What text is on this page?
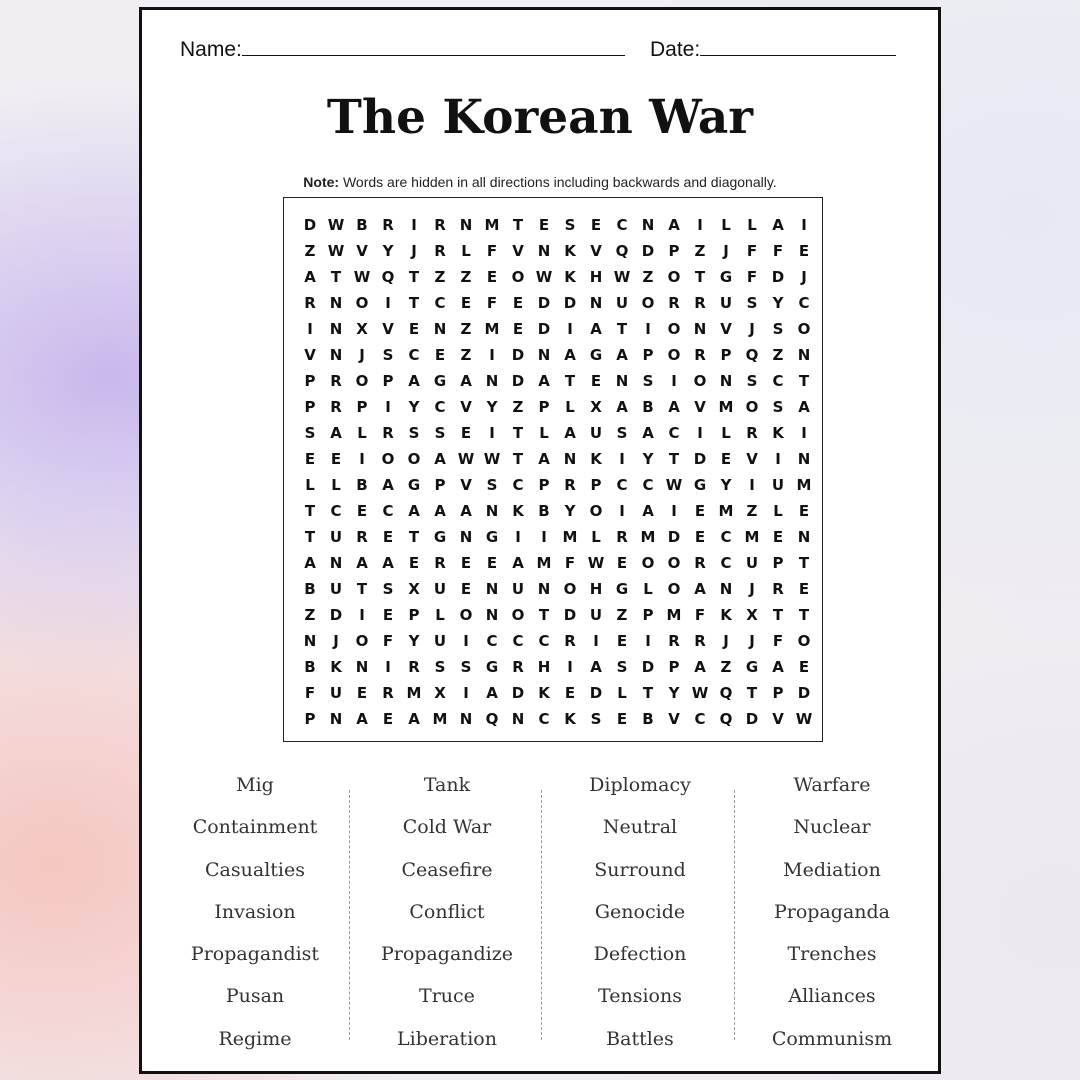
Name:	Date:
The Korean War
Note: Words are hidden in all directions including backwards and diagonally.
D W B R	I	R N M T	E	S	E	C N A	I	L	L	A	I
Z W V Y	J	R	L	F	V N K V Q D P	Z	J	F	F	E
A	T W Q T	Z	Z	E O W K H W Z O T G F D	J
R N O	I	T	C	E	F	E D D N U O R R U S	Y	C
I	N X V	E N Z M E D	I	A	T	I	O N V	J	S O
V N	J	S	C	E	Z	I	D N A G A P O R P Q Z N
P R O P A G A N D A	T	E N S	I	O N S	C	T
P R P	I	Y	C V Y	Z	P	L	X A B A V M O S A
S A	L	R S	S	E	I	T	L	A U S A C	I	L	R K	I
E	E	I	O O A W W T	A N K	I	Y	T D E	V	I	N
L	L	B A G P V S	C	P R P C C W G Y	I	U M
T	C	E	C A A A N K B Y O	I	A	I	E M Z	L	E
T U R	E	T G N G	I	I	M L	R M D E	C M E N
A N A A	E	R	E	E	A M F W E O O R C U P	T
B U T	S X U E N U N O H G	L O A N	J	R	E
Z D	I	E	P	L O N O T D U Z	P M F	K X	T	T
N	J	O F	Y U	I	C C C R	I	E	I	R R	J	J	F O
B K N	I	R S	S G R H	I	A S D P A Z G A	E
F U E	R M X	I	A D K	E D	L	T	Y W Q T	P D
P N A	E	A M N Q N C K S	E	B V C Q D V W
Mig
Containment
Casualties
Invasion
Propagandist
Pusan
Regime
Tank
Cold War
Ceasefire
Conflict
Propagandize
Truce
Liberation
Diplomacy
Neutral
Surround
Genocide
Defection
Tensions
Battles
Warfare
Nuclear
Mediation
Propaganda
Trenches
Alliances
Communism
